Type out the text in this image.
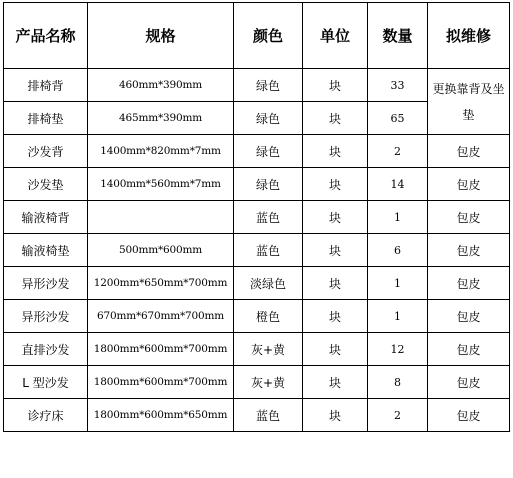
产品名称	规格	颜色	单位	数量	拟维修
排椅背	460mm*390mm	绿色	块	33	更换靠背及坐垫
排椅垫	465mm*390mm	绿色	块	65	
沙发背	1400mm*820mm*7mm	绿色	块	2	包皮
沙发垫	1400mm*560mm*7mm	绿色	块	14	包皮
输液椅背		蓝色	块	1	包皮
输液椅垫	500mm*600mm	蓝色	块	6	包皮
异形沙发	1200mm*650mm*700mm	淡绿色	块	1	包皮
异形沙发	670mm*670mm*700mm	橙色	块	1	包皮
直排沙发	1800mm*600mm*700mm	灰+黄	块	12	包皮
L 型沙发	1800mm*600mm*700mm	灰+黄	块	8	包皮
诊疗床	1800mm*600mm*650mm	蓝色	块	2	包皮
